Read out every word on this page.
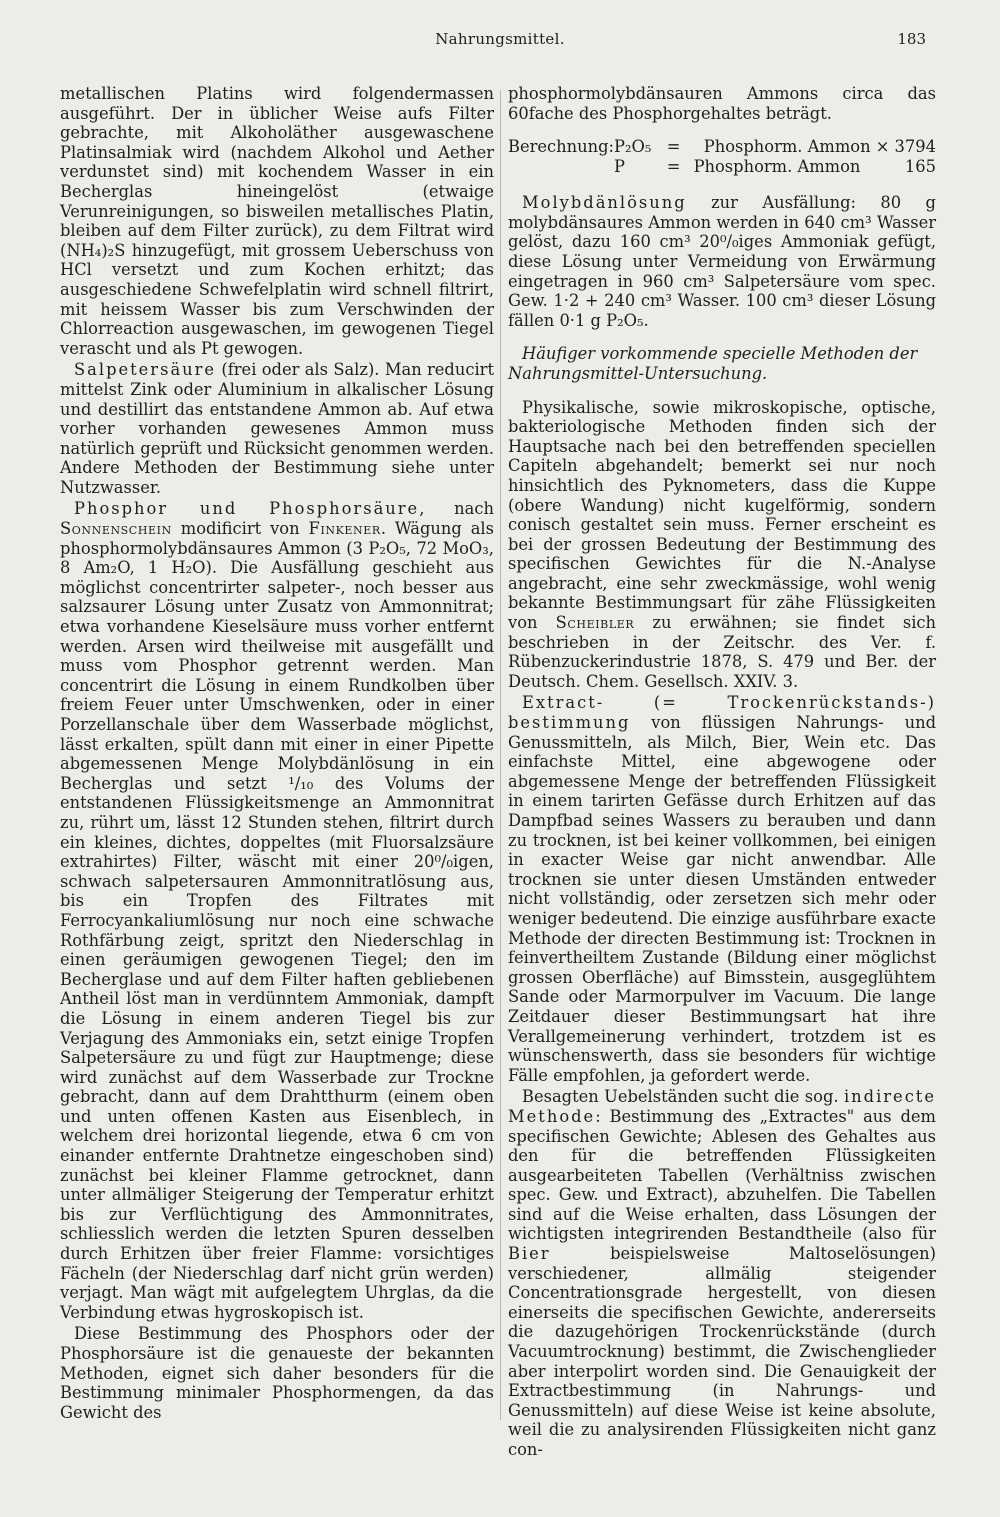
Nahrungsmittel.	183

metallischen Platins wird folgendermassen ausgeführt. Der in üblicher Weise aufs Filter gebrachte, mit Alkoholäther ausgewaschene Platinsalmiak wird (nachdem Alkohol und Aether verdunstet sind) mit kochendem Wasser in ein Becherglas hineingelöst (etwaige Verunreinigungen, so bisweilen metallisches Platin, bleiben auf dem Filter zurück), zu dem Filtrat wird (NH₄)₂S hinzugefügt, mit grossem Ueberschuss von HCl versetzt und zum Kochen erhitzt; das ausgeschiedene Schwefelplatin wird schnell filtrirt, mit heissem Wasser bis zum Verschwinden der Chlorreaction ausgewaschen, im gewogenen Tiegel verascht und als Pt gewogen.

Salpetersäure (frei oder als Salz). Man reducirt mittelst Zink oder Aluminium in alkalischer Lösung und destillirt das entstandene Ammon ab. Auf etwa vorher vorhanden gewesenes Ammon muss natürlich geprüft und Rücksicht genommen werden. Andere Methoden der Bestimmung siehe unter Nutzwasser.

Phosphor und Phosphorsäure, nach Sonnenschein modificirt von Finkener. Wägung als phosphormolybdänsaures Ammon (3 P₂O₅, 72 MoO₃, 8 Am₂O, 1 H₂O). Die Ausfällung geschieht aus möglichst concentrirter salpeter-, noch besser aus salzsaurer Lösung unter Zusatz von Ammonnitrat; etwa vorhandene Kieselsäure muss vorher entfernt werden. Arsen wird theilweise mit ausgefällt und muss vom Phosphor getrennt werden. Man concentrirt die Lösung in einem Rundkolben über freiem Feuer unter Umschwenken, oder in einer Porzellanschale über dem Wasserbade möglichst, lässt erkalten, spült dann mit einer in einer Pipette abgemessenen Menge Molybdänlösung in ein Becherglas und setzt ¹/₁₀ des Volums der entstandenen Flüssigkeitsmenge an Ammonnitrat zu, rührt um, lässt 12 Stunden stehen, filtrirt durch ein kleines, dichtes, doppeltes (mit Fluorsalzsäure extrahirtes) Filter, wäscht mit einer 20⁰/₀igen, schwach salpetersauren Ammonnitratlösung aus, bis ein Tropfen des Filtrates mit Ferrocyankaliumlösung nur noch eine schwache Rothfärbung zeigt, spritzt den Niederschlag in einen geräumigen gewogenen Tiegel; den im Becherglase und auf dem Filter haften gebliebenen Antheil löst man in verdünntem Ammoniak, dampft die Lösung in einem anderen Tiegel bis zur Verjagung des Ammoniaks ein, setzt einige Tropfen Salpetersäure zu und fügt zur Hauptmenge; diese wird zunächst auf dem Wasserbade zur Trockne gebracht, dann auf dem Drahtthurm (einem oben und unten offenen Kasten aus Eisenblech, in welchem drei horizontal liegende, etwa 6 cm von einander entfernte Drahtnetze eingeschoben sind) zunächst bei kleiner Flamme getrocknet, dann unter allmäliger Steigerung der Temperatur erhitzt bis zur Verflüchtigung des Ammonnitrates, schliesslich werden die letzten Spuren desselben durch Erhitzen über freier Flamme: vorsichtiges Fächeln (der Niederschlag darf nicht grün werden) verjagt. Man wägt mit aufgelegtem Uhrglas, da die Verbindung etwas hygroskopisch ist.

Diese Bestimmung des Phosphors oder der Phosphorsäure ist die genaueste der bekannten Methoden, eignet sich daher besonders für die Bestimmung minimaler Phosphormengen, da das Gewicht des

phosphormolybdänsauren Ammons circa das 60fache des Phosphorgehaltes beträgt.

Berechnung:	P₂O₅	=	Phosphorm. Ammon × 3794	
	P	=	Phosphorm. Ammon	165

Molybdänlösung zur Ausfällung: 80 g molybdänsaures Ammon werden in 640 cm³ Wasser gelöst, dazu 160 cm³ 20⁰/₀iges Ammoniak gefügt, diese Lösung unter Vermeidung von Erwärmung eingetragen in 960 cm³ Salpetersäure vom spec. Gew. 1·2 + 240 cm³ Wasser. 100 cm³ dieser Lösung fällen 0·1 g P₂O₅.

Häufiger vorkommende specielle Methoden der Nahrungsmittel-Untersuchung.

Physikalische, sowie mikroskopische, optische, bakteriologische Methoden finden sich der Hauptsache nach bei den betreffenden speciellen Capiteln abgehandelt; bemerkt sei nur noch hinsichtlich des Pyknometers, dass die Kuppe (obere Wandung) nicht kugelförmig, sondern conisch gestaltet sein muss. Ferner erscheint es bei der grossen Bedeutung der Bestimmung des specifischen Gewichtes für die N.-Analyse angebracht, eine sehr zweckmässige, wohl wenig bekannte Bestimmungsart für zähe Flüssigkeiten von Scheibler zu erwähnen; sie findet sich beschrieben in der Zeitschr. des Ver. f. Rübenzuckerindustrie 1878, S. 479 und Ber. der Deutsch. Chem. Gesellsch. XXIV. 3.

Extract- (= Trockenrückstands-) bestimmung von flüssigen Nahrungs- und Genussmitteln, als Milch, Bier, Wein etc. Das einfachste Mittel, eine abgewogene oder abgemessene Menge der betreffenden Flüssigkeit in einem tarirten Gefässe durch Erhitzen auf das Dampfbad seines Wassers zu berauben und dann zu trocknen, ist bei keiner vollkommen, bei einigen in exacter Weise gar nicht anwendbar. Alle trocknen sie unter diesen Umständen entweder nicht vollständig, oder zersetzen sich mehr oder weniger bedeutend. Die einzige ausführbare exacte Methode der directen Bestimmung ist: Trocknen in feinvertheiltem Zustande (Bildung einer möglichst grossen Oberfläche) auf Bimsstein, ausgeglühtem Sande oder Marmorpulver im Vacuum. Die lange Zeitdauer dieser Bestimmungsart hat ihre Verallgemeinerung verhindert, trotzdem ist es wünschenswerth, dass sie besonders für wichtige Fälle empfohlen, ja gefordert werde.

Besagten Uebelständen sucht die sog. indirecte Methode: Bestimmung des „Extractes" aus dem specifischen Gewichte; Ablesen des Gehaltes aus den für die betreffenden Flüssigkeiten ausgearbeiteten Tabellen (Verhältniss zwischen spec. Gew. und Extract), abzuhelfen. Die Tabellen sind auf die Weise erhalten, dass Lösungen der wichtigsten integrirenden Bestandtheile (also für Bier beispielsweise Maltoselösungen) verschiedener, allmälig steigender Concentrationsgrade hergestellt, von diesen einerseits die specifischen Gewichte, andererseits die dazugehörigen Trockenrückstände (durch Vacuumtrocknung) bestimmt, die Zwischenglieder aber interpolirt worden sind. Die Genauigkeit der Extractbestimmung (in Nahrungs- und Genussmitteln) auf diese Weise ist keine absolute, weil die zu analysirenden Flüssigkeiten nicht ganz con-
